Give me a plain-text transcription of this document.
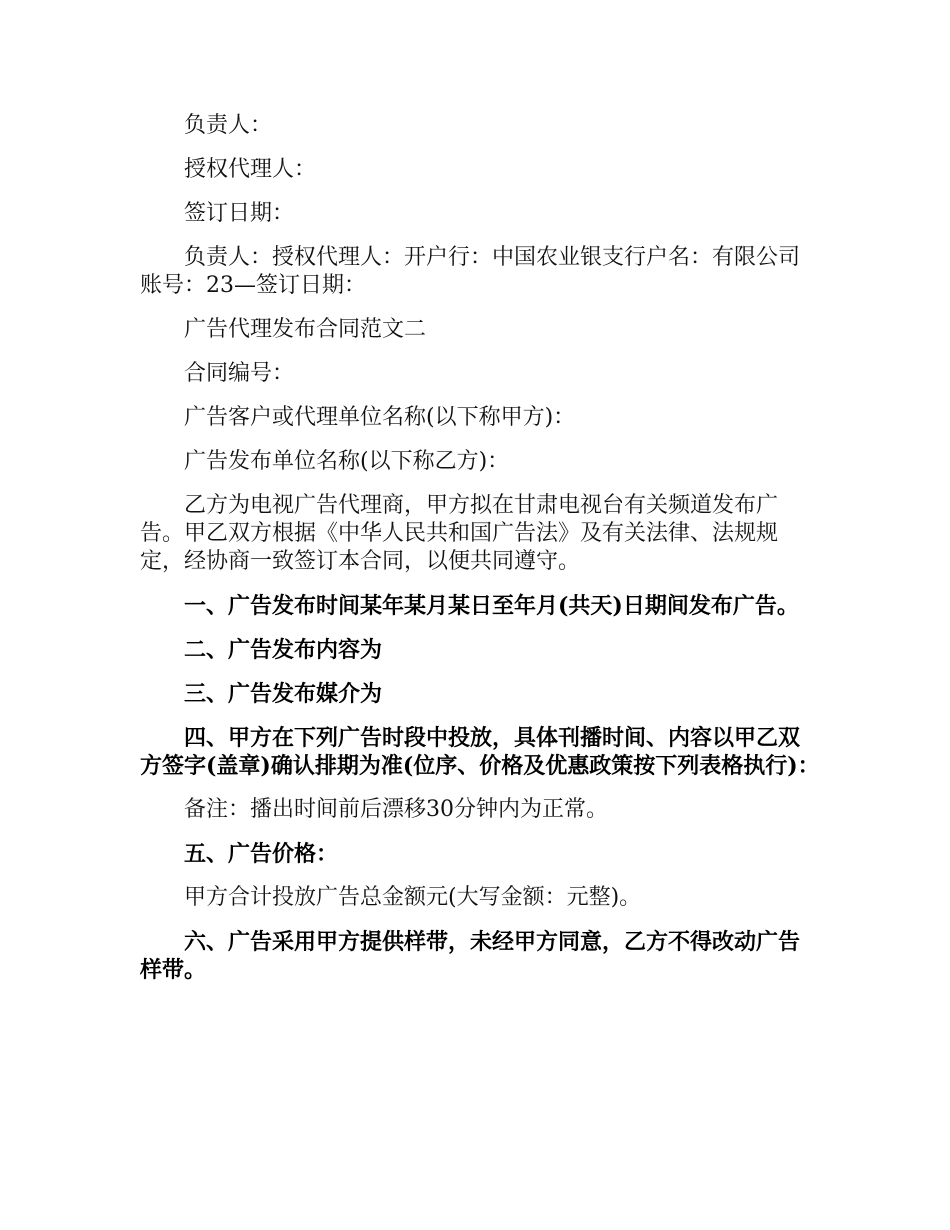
负责人：

授权代理人：

签订日期：

负责人：授权代理人：开户行：中国农业银支行户名：有限公司账号：23—签订日期：

广告代理发布合同范文二

合同编号：

广告客户或代理单位名称(以下称甲方)：

广告发布单位名称(以下称乙方)：

乙方为电视广告代理商，甲方拟在甘肃电视台有关频道发布广告。甲乙双方根据《中华人民共和国广告法》及有关法律、法规规定，经协商一致签订本合同，以便共同遵守。

一、广告发布时间某年某月某日至年月(共天)日期间发布广告。

二、广告发布内容为

三、广告发布媒介为

四、甲方在下列广告时段中投放，具体刊播时间、内容以甲乙双方签字(盖章)确认排期为准(位序、价格及优惠政策按下列表格执行)：

备注：播出时间前后漂移30分钟内为正常。

五、广告价格：

甲方合计投放广告总金额元(大写金额：元整)。

六、广告采用甲方提供样带，未经甲方同意，乙方不得改动广告样带。
